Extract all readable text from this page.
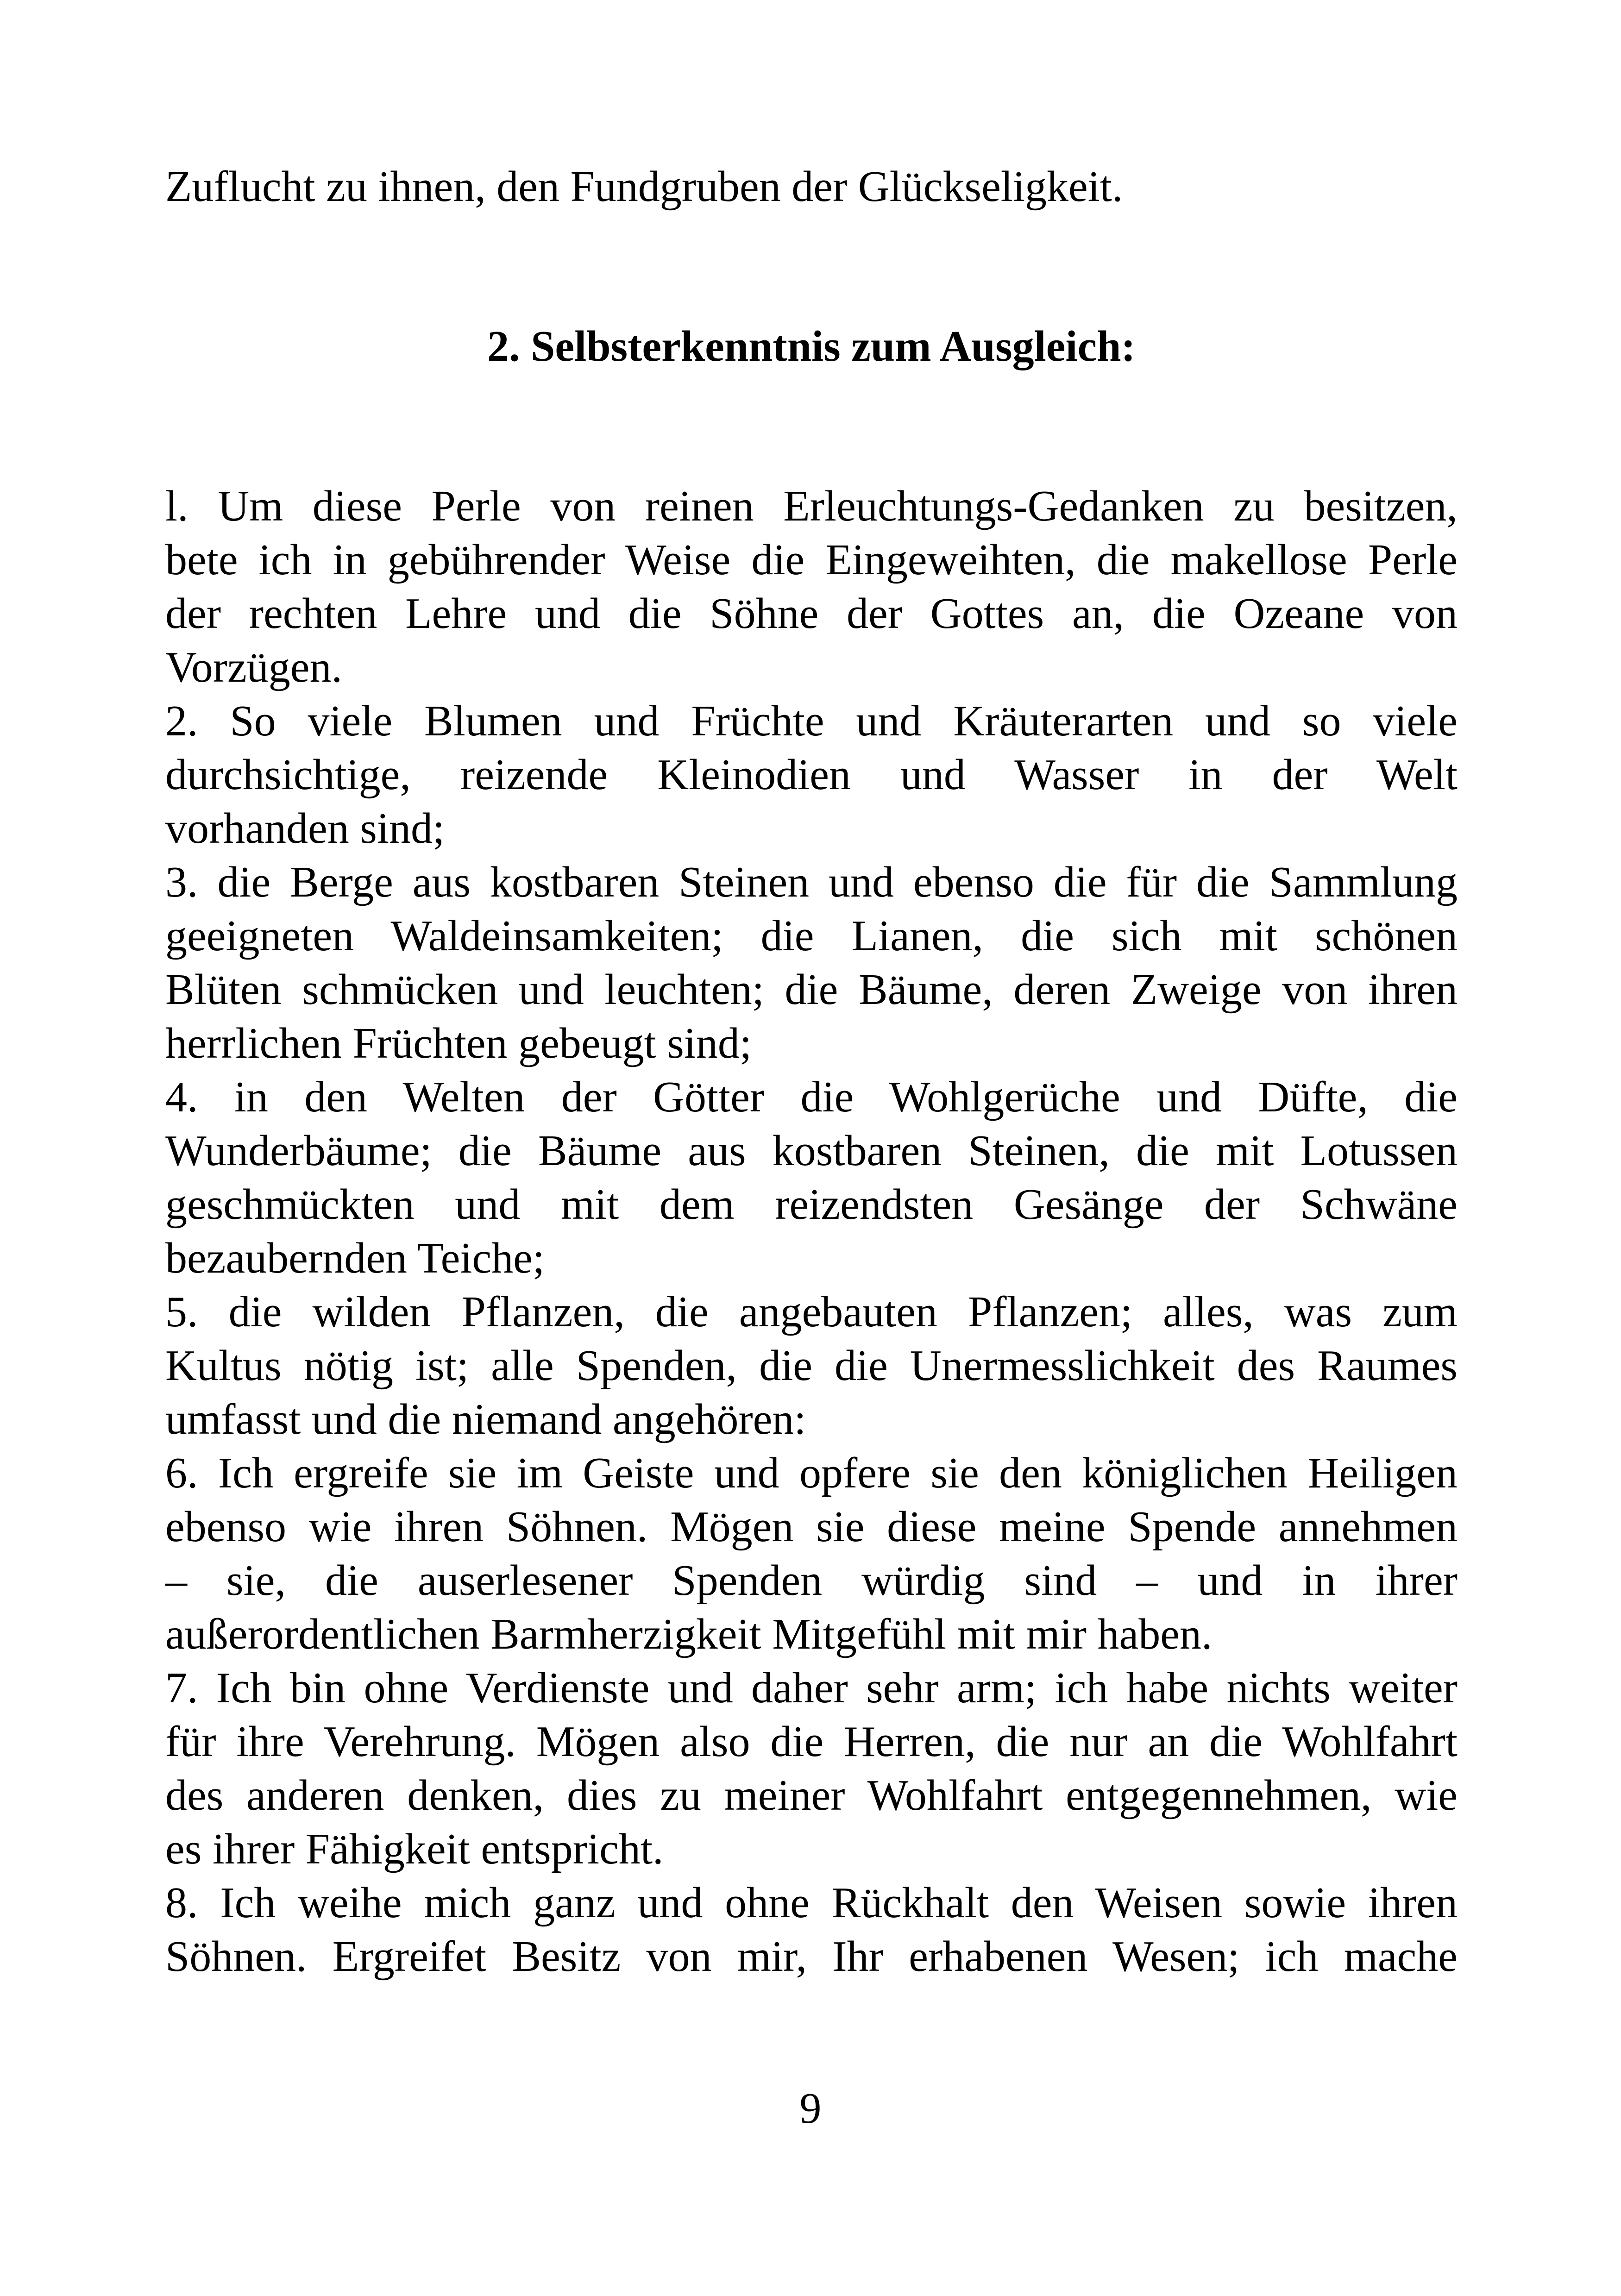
Zuflucht zu ihnen, den Fundgruben der Glückseligkeit.
2. Selbsterkenntnis zum Ausgleich:
l. Um diese Perle von reinen Erleuchtungs-Gedanken zu besitzen,
bete ich in gebührender Weise die Eingeweihten, die makellose Perle
der rechten Lehre und die Söhne der Gottes an, die Ozeane von
Vorzügen.
2. So viele Blumen und Früchte und Kräuterarten und so viele
durchsichtige, reizende Kleinodien und Wasser in der Welt
vorhanden sind;
3. die Berge aus kostbaren Steinen und ebenso die für die Sammlung
geeigneten Waldeinsamkeiten; die Lianen, die sich mit schönen
Blüten schmücken und leuchten; die Bäume, deren Zweige von ihren
herrlichen Früchten gebeugt sind;
4. in den Welten der Götter die Wohlgerüche und Düfte, die
Wunderbäume; die Bäume aus kostbaren Steinen, die mit Lotussen
geschmückten und mit dem reizendsten Gesänge der Schwäne
bezaubernden Teiche;
5. die wilden Pflanzen, die angebauten Pflanzen; alles, was zum
Kultus nötig ist; alle Spenden, die die Unermesslichkeit des Raumes
umfasst und die niemand angehören:
6. Ich ergreife sie im Geiste und opfere sie den königlichen Heiligen
ebenso wie ihren Söhnen. Mögen sie diese meine Spende annehmen
– sie, die auserlesener Spenden würdig sind – und in ihrer
außerordentlichen Barmherzigkeit Mitgefühl mit mir haben.
7. Ich bin ohne Verdienste und daher sehr arm; ich habe nichts weiter
für ihre Verehrung. Mögen also die Herren, die nur an die Wohlfahrt
des anderen denken, dies zu meiner Wohlfahrt entgegennehmen, wie
es ihrer Fähigkeit entspricht.
8. Ich weihe mich ganz und ohne Rückhalt den Weisen sowie ihren
Söhnen. Ergreifet Besitz von mir, Ihr erhabenen Wesen; ich mache
9
